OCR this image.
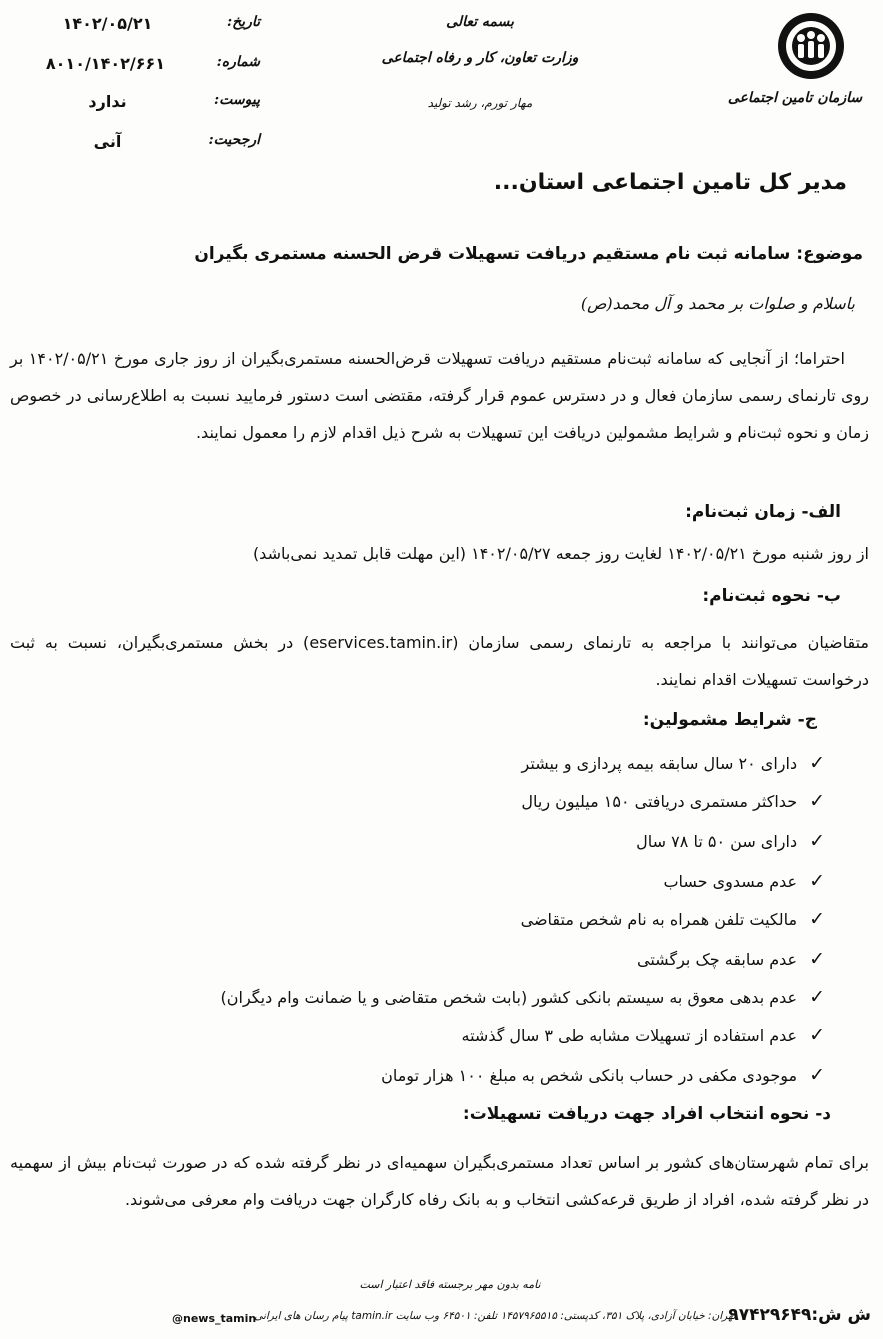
سازمان تامین اجتماعی
بسمه تعالی
وزارت تعاون، کار و رفاه اجتماعی
مهار تورم، رشد تولید
تاریخ:
۱۴۰۲/۰۵/۲۱
شماره:
۸۰۱۰/۱۴۰۲/۶۶۱
پیوست:
ندارد
ارجحیت:
آنی
مدیر کل تامین اجتماعی استان...
موضوع: سامانه ثبت نام مستقیم دریافت تسهیلات قرض الحسنه مستمری بگیران
باسلام و صلوات بر محمد و آل محمد(ص)
احتراما؛ از آنجایی که سامانه ثبت‌نام مستقیم دریافت تسهیلات قرض‌الحسنه مستمری‌بگیران از روز جاری مورخ ۱۴۰۲/۰۵/۲۱ بر روی تارنمای رسمی سازمان فعال و در دسترس عموم قرار گرفته، مقتضی است دستور فرمایید نسبت به اطلاع‌رسانی در خصوص زمان و نحوه ثبت‌نام و شرایط مشمولین دریافت این تسهیلات به شرح ذیل اقدام لازم را معمول نمایند.
الف- زمان ثبت‌نام:
از روز شنبه مورخ ۱۴۰۲/۰۵/۲۱ لغایت روز جمعه ۱۴۰۲/۰۵/۲۷ (این مهلت قابل تمدید نمی‌باشد)
ب- نحوه ثبت‌نام:
متقاضیان می‌توانند با مراجعه به تارنمای رسمی سازمان (eservices.tamin.ir) در بخش مستمری‌بگیران، نسبت به ثبت درخواست تسهیلات اقدام نمایند.
ج- شرایط مشمولین:
✓دارای ۲۰ سال سابقه بیمه پردازی و بیشتر
✓حداکثر مستمری دریافتی ۱۵۰ میلیون ریال
✓دارای سن ۵۰ تا ۷۸ سال
✓عدم مسدوی حساب
✓مالکیت تلفن همراه به نام شخص متقاضی
✓عدم سابقه چک برگشتی
✓عدم بدهی معوق به سیستم بانکی کشور (بابت شخص متقاضی و یا ضمانت وام دیگران)
✓عدم استفاده از تسهیلات مشابه طی ۳ سال گذشته
✓موجودی مکفی در حساب بانکی شخص به مبلغ ۱۰۰ هزار تومان
د- نحوه انتخاب افراد جهت دریافت تسهیلات:
برای تمام شهرستان‌های کشور بر اساس تعداد مستمری‌بگیران سهمیه‌ای در نظر گرفته شده که در صورت ثبت‌نام بیش از سهمیه در نظر گرفته شده، افراد از طریق قرعه‌کشی انتخاب و به بانک رفاه کارگران جهت دریافت وام معرفی می‌شوند.
نامه بدون مهر برجسته فاقد اعتبار است
ش ش:۹۷۴۲۹۶۴۹
تهران: خیابان آزادی، پلاک ۳۵۱، کدپستی: ۱۴۵۷۹۶۵۵۱۵ تلفن: ۶۴۵۰۱ وب سایت tamin.ir پیام رسان های ایرانی
@news_tamin
